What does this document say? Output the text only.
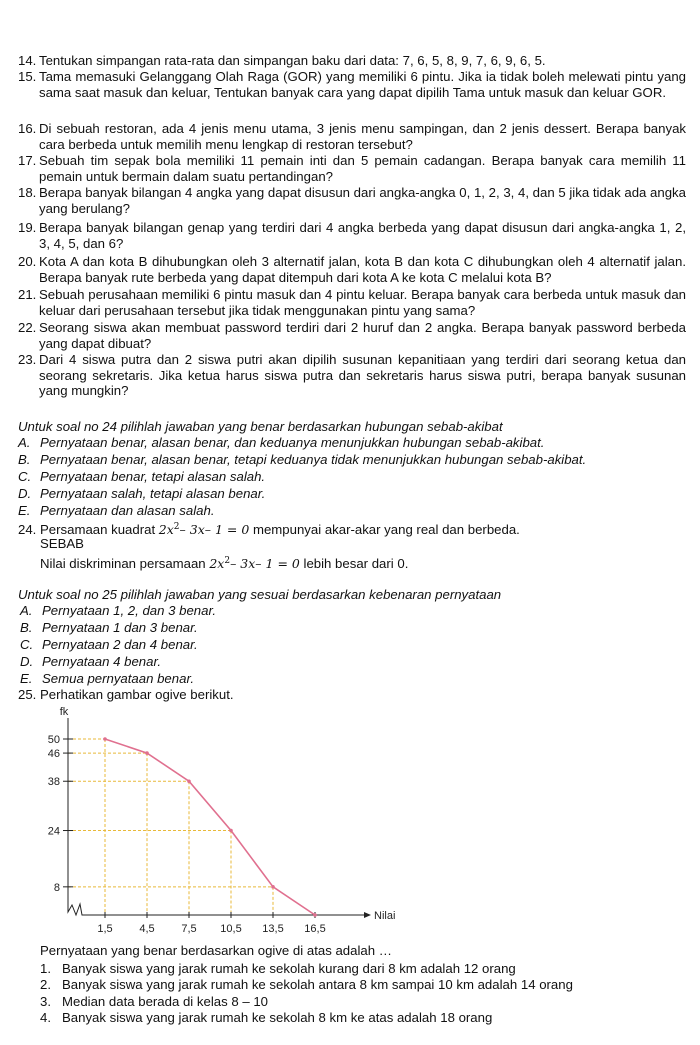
14. Tentukan simpangan rata-rata dan simpangan baku dari data: 7, 6, 5, 8, 9, 7, 6, 9, 6, 5.
15. Tama memasuki Gelanggang Olah Raga (GOR) yang memiliki 6 pintu. Jika ia tidak boleh melewati pintu yang sama saat masuk dan keluar, Tentukan banyak cara yang dapat dipilih Tama untuk masuk dan keluar GOR.
16. Di sebuah restoran, ada 4 jenis menu utama, 3 jenis menu sampingan, dan 2 jenis dessert. Berapa banyak cara berbeda untuk memilih menu lengkap di restoran tersebut?
17. Sebuah tim sepak bola memiliki 11 pemain inti dan 5 pemain cadangan. Berapa banyak cara memilih 11 pemain untuk bermain dalam suatu pertandingan?
18. Berapa banyak bilangan 4 angka yang dapat disusun dari angka-angka 0, 1, 2, 3, 4, dan 5 jika tidak ada angka yang berulang?
19. Berapa banyak bilangan genap yang terdiri dari 4 angka berbeda yang dapat disusun dari angka-angka 1, 2, 3, 4, 5, dan 6?
20. Kota A dan kota B dihubungkan oleh 3 alternatif jalan, kota B dan kota C dihubungkan oleh 4 alternatif jalan. Berapa banyak rute berbeda yang dapat ditempuh dari kota A ke kota C melalui kota B?
21. Sebuah perusahaan memiliki 6 pintu masuk dan 4 pintu keluar. Berapa banyak cara berbeda untuk masuk dan keluar dari perusahaan tersebut jika tidak menggunakan pintu yang sama?
22. Seorang siswa akan membuat password terdiri dari 2 huruf dan 2 angka. Berapa banyak password berbeda yang dapat dibuat?
23. Dari 4 siswa putra dan 2 siswa putri akan dipilih susunan kepanitiaan yang terdiri dari seorang ketua dan seorang sekretaris. Jika ketua harus siswa putra dan sekretaris harus siswa putri, berapa banyak susunan yang mungkin?
Untuk soal no 24 pilihlah jawaban yang benar berdasarkan hubungan sebab-akibat
A. Pernyataan benar, alasan benar, dan keduanya menunjukkan hubungan sebab-akibat.
B. Pernyataan benar, alasan benar, tetapi keduanya tidak menunjukkan hubungan sebab-akibat.
C. Pernyataan benar, tetapi alasan salah.
D. Pernyataan salah, tetapi alasan benar.
E. Pernyataan dan alasan salah.
24. Persamaan kuadrat $2x^2-$ 3x– 1 = 0 mempunyai akar-akar yang real dan berbeda.
SEBAB
Nilai diskriminan persamaan $2x^2-$ 3x– 1 = 0 lebih besar dari 0.
Untuk soal no 25 pilihlah jawaban yang sesuai berdasarkan kebenaran pernyataan
A. Pernyataan 1, 2, dan 3 benar.
B. Pernyataan 1 dan 3 benar.
C. Pernyataan 2 dan 4 benar.
D. Pernyataan 4 benar.
E. Semua pernyataan benar.
25. Perhatikan gambar ogive berikut.
50
46
38
24
8
1,5 4,5 7,5 10,5 13,5 16,5
fk
Nilai
Pernyataan yang benar berdasarkan ogive di atas adalah …
1. Banyak siswa yang jarak rumah ke sekolah kurang dari 8 km adalah 12 orang
2. Banyak siswa yang jarak rumah ke sekolah antara 8 km sampai 10 km adalah 14 orang
3. Median data berada di kelas 8 – 10
4. Banyak siswa yang jarak rumah ke sekolah 8 km ke atas adalah 18 orang
